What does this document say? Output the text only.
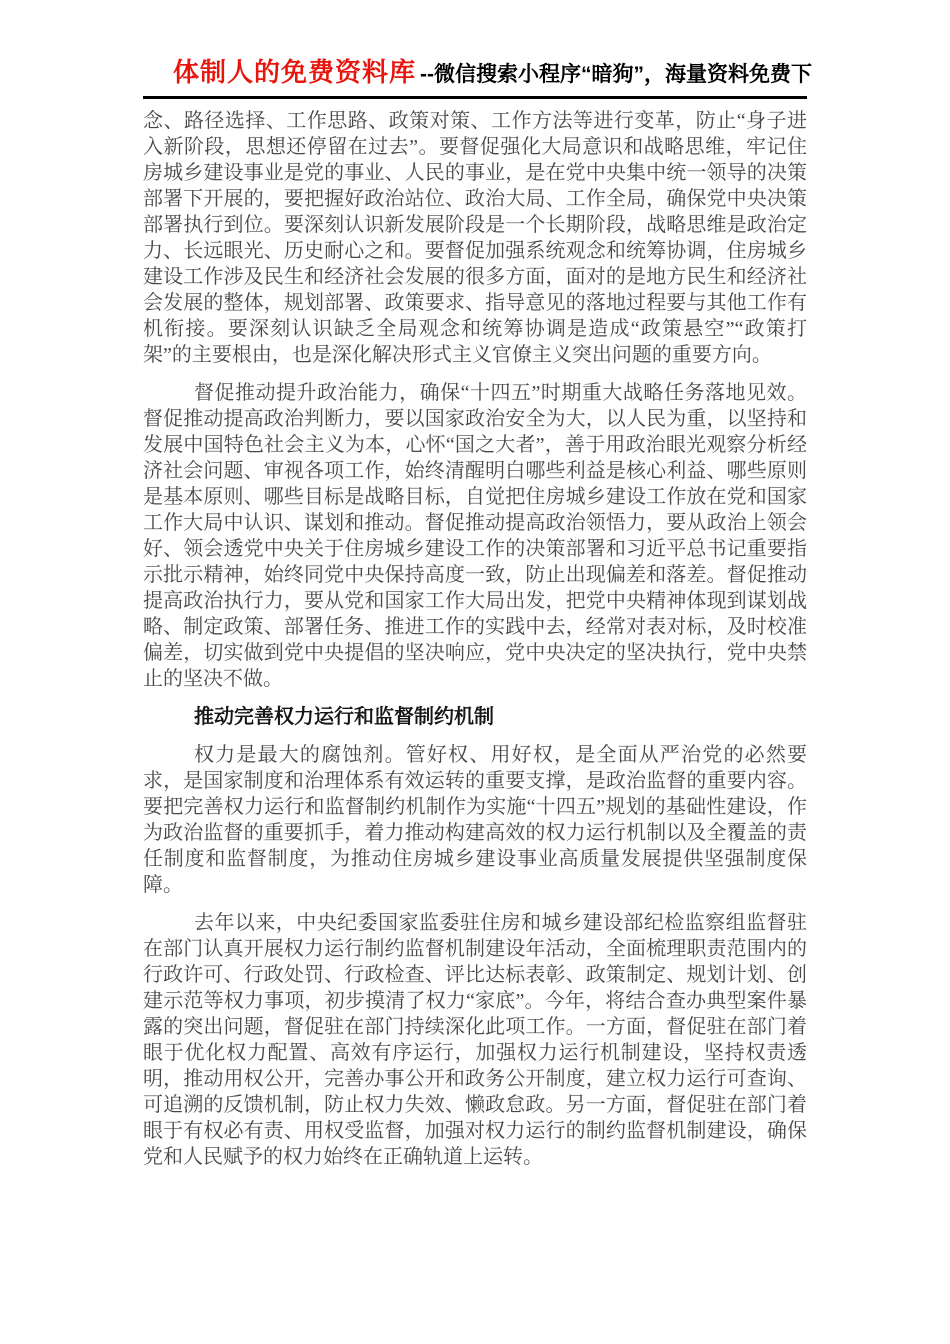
体制人的免费资料库 --微信搜索小程序“暗狗”，海量资料免费下

念、路径选择、工作思路、政策对策、工作方法等进行变革，防止“身子进入新阶段，思想还停留在过去”。要督促强化大局意识和战略思维，牢记住房城乡建设事业是党的事业、人民的事业，是在党中央集中统一领导的决策部署下开展的，要把握好政治站位、政治大局、工作全局，确保党中央决策部署执行到位。要深刻认识新发展阶段是一个长期阶段，战略思维是政治定力、长远眼光、历史耐心之和。要督促加强系统观念和统筹协调，住房城乡建设工作涉及民生和经济社会发展的很多方面，面对的是地方民生和经济社会发展的整体，规划部署、政策要求、指导意见的落地过程要与其他工作有机衔接。要深刻认识缺乏全局观念和统筹协调是造成“政策悬空”“政策打架”的主要根由，也是深化解决形式主义官僚主义突出问题的重要方向。

督促推动提升政治能力，确保“十四五”时期重大战略任务落地见效。督促推动提高政治判断力，要以国家政治安全为大，以人民为重，以坚持和发展中国特色社会主义为本，心怀“国之大者”，善于用政治眼光观察分析经济社会问题、审视各项工作，始终清醒明白哪些利益是核心利益、哪些原则是基本原则、哪些目标是战略目标，自觉把住房城乡建设工作放在党和国家工作大局中认识、谋划和推动。督促推动提高政治领悟力，要从政治上领会好、领会透党中央关于住房城乡建设工作的决策部署和习近平总书记重要指示批示精神，始终同党中央保持高度一致，防止出现偏差和落差。督促推动提高政治执行力，要从党和国家工作大局出发，把党中央精神体现到谋划战略、制定政策、部署任务、推进工作的实践中去，经常对表对标，及时校准偏差，切实做到党中央提倡的坚决响应，党中央决定的坚决执行，党中央禁止的坚决不做。

推动完善权力运行和监督制约机制

权力是最大的腐蚀剂。管好权、用好权，是全面从严治党的必然要求，是国家制度和治理体系有效运转的重要支撑，是政治监督的重要内容。要把完善权力运行和监督制约机制作为实施“十四五”规划的基础性建设，作为政治监督的重要抓手，着力推动构建高效的权力运行机制以及全覆盖的责任制度和监督制度，为推动住房城乡建设事业高质量发展提供坚强制度保障。

去年以来，中央纪委国家监委驻住房和城乡建设部纪检监察组监督驻在部门认真开展权力运行制约监督机制建设年活动，全面梳理职责范围内的行政许可、行政处罚、行政检查、评比达标表彰、政策制定、规划计划、创建示范等权力事项，初步摸清了权力“家底”。今年，将结合查办典型案件暴露的突出问题，督促驻在部门持续深化此项工作。一方面，督促驻在部门着眼于优化权力配置、高效有序运行，加强权力运行机制建设，坚持权责透明，推动用权公开，完善办事公开和政务公开制度，建立权力运行可查询、可追溯的反馈机制，防止权力失效、懒政怠政。另一方面，督促驻在部门着眼于有权必有责、用权受监督，加强对权力运行的制约监督机制建设，确保党和人民赋予的权力始终在正确轨道上运转。
